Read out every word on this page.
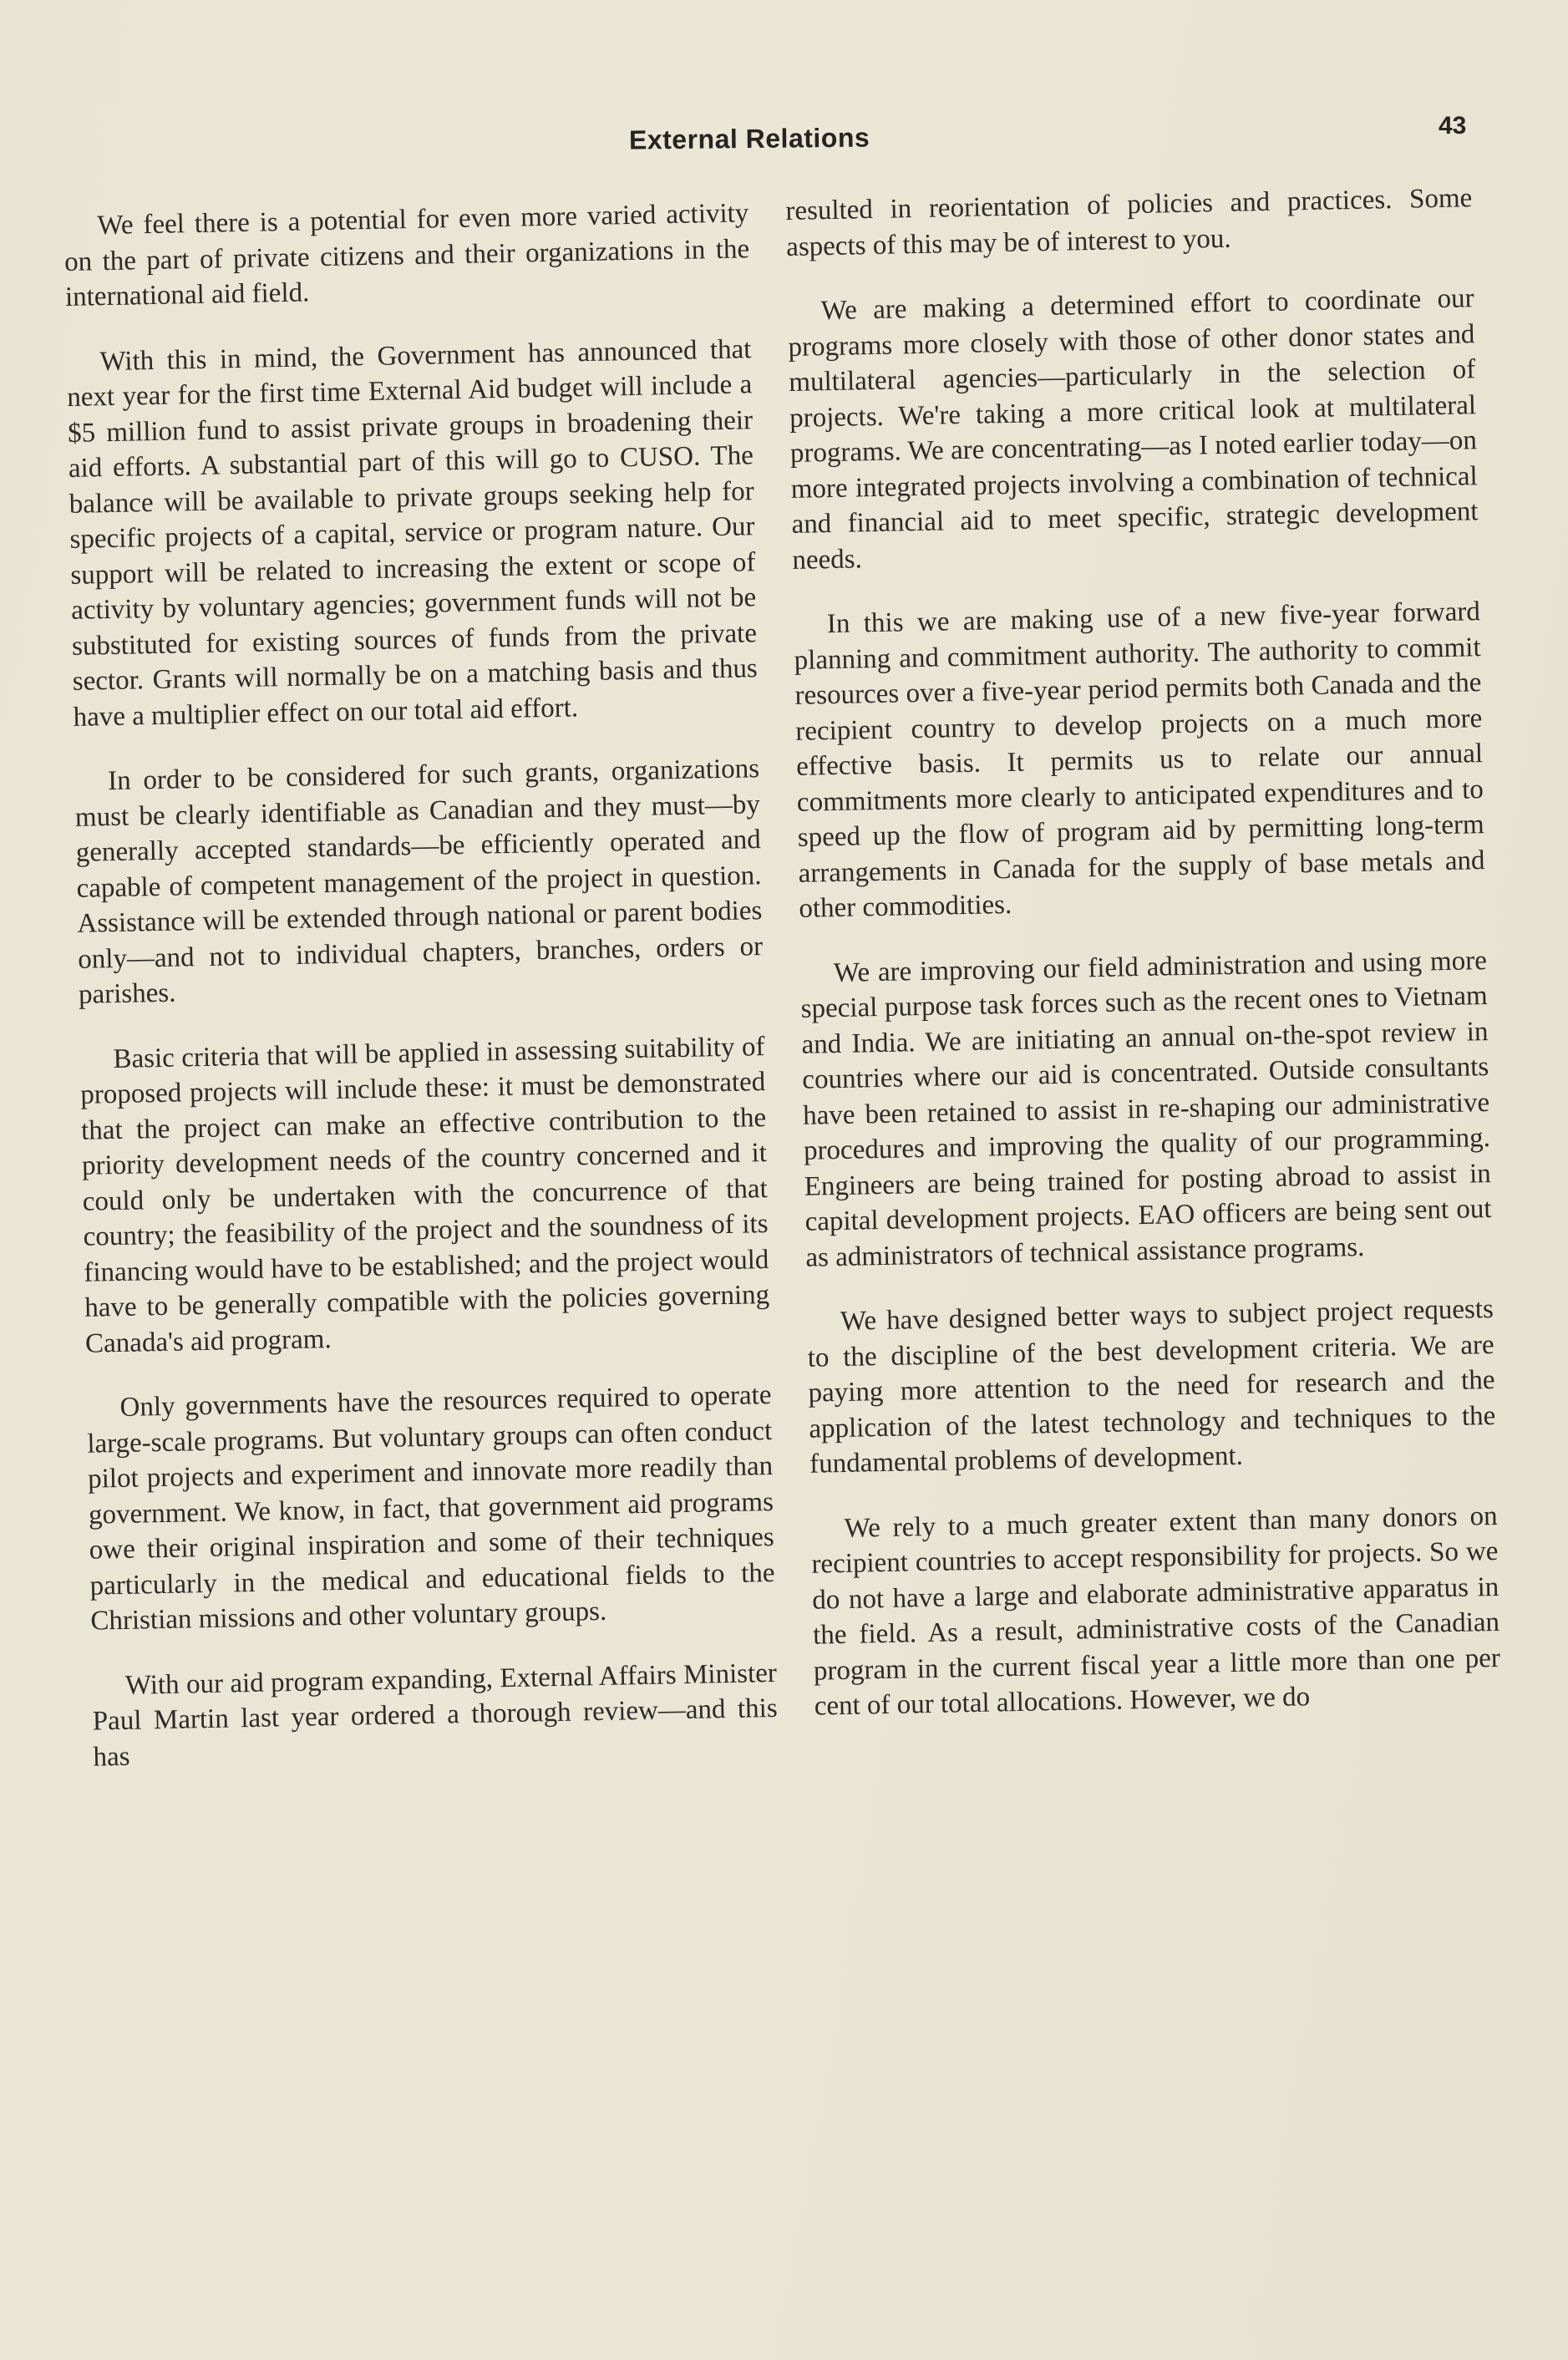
External Relations	43

We feel there is a potential for even more varied activity on the part of private citizens and their organizations in the international aid field.

With this in mind, the Government has announced that next year for the first time External Aid budget will include a $5 million fund to assist private groups in broadening their aid efforts. A substantial part of this will go to CUSO. The balance will be available to private groups seeking help for specific projects of a capital, service or program nature. Our support will be related to increasing the extent or scope of activity by voluntary agencies; government funds will not be substituted for existing sources of funds from the private sector. Grants will normally be on a matching basis and thus have a multiplier effect on our total aid effort.

In order to be considered for such grants, organizations must be clearly identifiable as Canadian and they must—by generally accepted standards—be efficiently operated and capable of competent management of the project in question. Assistance will be extended through national or parent bodies only—and not to individual chapters, branches, orders or parishes.

Basic criteria that will be applied in assessing suitability of proposed projects will include these: it must be demonstrated that the project can make an effective contribution to the priority development needs of the country concerned and it could only be undertaken with the concurrence of that country; the feasibility of the project and the soundness of its financing would have to be established; and the project would have to be generally compatible with the policies governing Canada's aid program.

Only governments have the resources required to operate large-scale programs. But voluntary groups can often conduct pilot projects and experiment and innovate more readily than government. We know, in fact, that government aid programs owe their original inspiration and some of their techniques particularly in the medical and educational fields to the Christian missions and other voluntary groups.

With our aid program expanding, External Affairs Minister Paul Martin last year ordered a thorough review—and this has

resulted in reorientation of policies and practices. Some aspects of this may be of interest to you.

We are making a determined effort to coordinate our programs more closely with those of other donor states and multilateral agencies—particularly in the selection of projects. We're taking a more critical look at multilateral programs. We are concentrating—as I noted earlier today—on more integrated projects involving a combination of technical and financial aid to meet specific, strategic development needs.

In this we are making use of a new five-year forward planning and commitment authority. The authority to commit resources over a five-year period permits both Canada and the recipient country to develop projects on a much more effective basis. It permits us to relate our annual commitments more clearly to anticipated expenditures and to speed up the flow of program aid by permitting long-term arrangements in Canada for the supply of base metals and other commodities.

We are improving our field administration and using more special purpose task forces such as the recent ones to Vietnam and India. We are initiating an annual on-the-spot review in countries where our aid is concentrated. Outside consultants have been retained to assist in re-shaping our administrative procedures and improving the quality of our programming. Engineers are being trained for posting abroad to assist in capital development projects. EAO officers are being sent out as administrators of technical assistance programs.

We have designed better ways to subject project requests to the discipline of the best development criteria. We are paying more attention to the need for research and the application of the latest technology and techniques to the fundamental problems of development.

We rely to a much greater extent than many donors on recipient countries to accept responsibility for projects. So we do not have a large and elaborate administrative apparatus in the field. As a result, administrative costs of the Canadian program in the current fiscal year a little more than one per cent of our total allocations. However, we do
